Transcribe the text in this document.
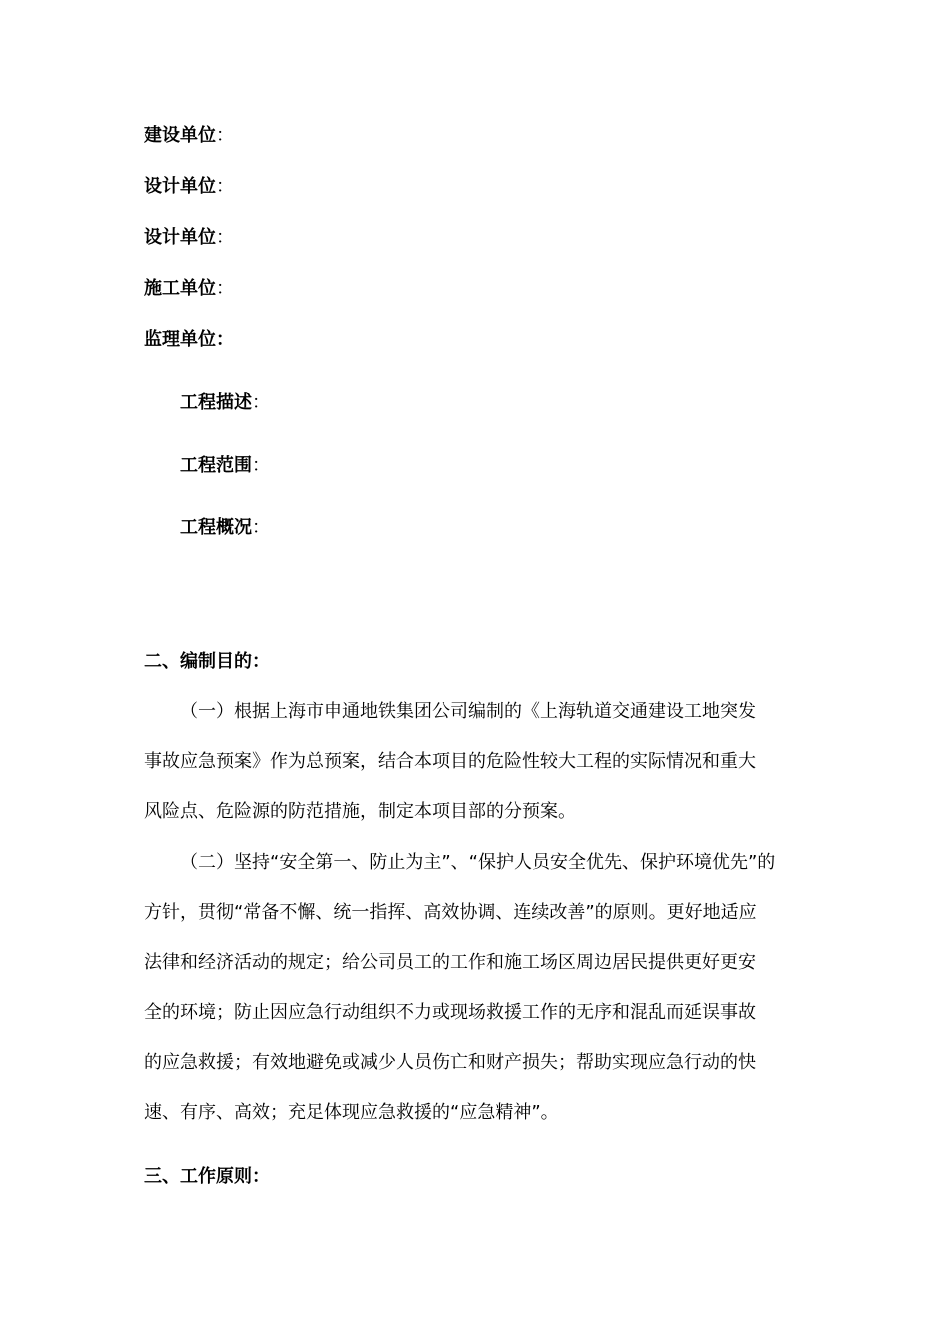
建设单位：
设计单位：
设计单位：
施工单位：
监理单位：
工程描述：
工程范围：
工程概况：
二、编制目的：
（一）根据上海市申通地铁集团公司编制的《上海轨道交通建设工地突发
事故应急预案》作为总预案，结合本项目的危险性较大工程的实际情况和重大
风险点、危险源的防范措施，制定本项目部的分预案。
（二）坚持“安全第一、防止为主”、“保护人员安全优先、保护环境优先”的
方针，贯彻“常备不懈、统一指挥、高效协调、连续改善”的原则。更好地适应
法律和经济活动的规定；给公司员工的工作和施工场区周边居民提供更好更安
全的环境；防止因应急行动组织不力或现场救援工作的无序和混乱而延误事故
的应急救援；有效地避免或减少人员伤亡和财产损失；帮助实现应急行动的快
速、有序、高效；充足体现应急救援的“应急精神”。
三、工作原则：
